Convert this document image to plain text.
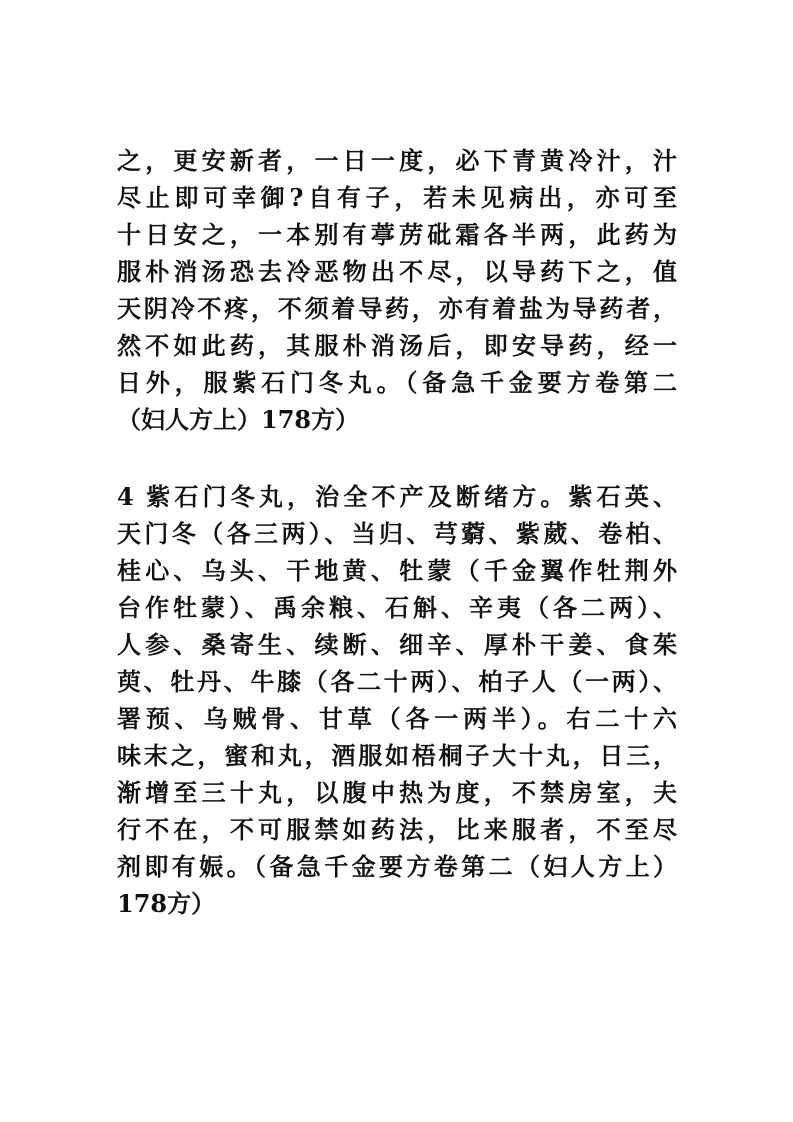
之，更安新者，一日一度，必下青黄冷汁，汁
尽止即可幸御?自有子，若未见病出，亦可至
十日安之，一本别有葶苈砒霜各半两，此药为
服朴消汤恐去冷恶物出不尽，以导药下之，值
天阴冷不疼，不须着导药，亦有着盐为导药者，
然不如此药，其服朴消汤后，即安导药，经一
日外，服紫石门冬丸。（备急千金要方卷第二
（妇人方上）178方）
4 紫石门冬丸，治全不产及断绪方。紫石英、
天门冬（各三两）、当归、芎藭、紫葳、卷柏、
桂心、乌头、干地黄、牡蒙（千金翼作牡荆外
台作牡蒙）、禹余粮、石斛、辛夷（各二两）、
人参、桑寄生、续断、细辛、厚朴干姜、食茱
萸、牡丹、牛膝（各二十两）、柏子人（一两）、
署预、乌贼骨、甘草（各一两半）。右二十六
味末之，蜜和丸，酒服如梧桐子大十丸，日三，
渐增至三十丸，以腹中热为度，不禁房室，夫
行不在，不可服禁如药法，比来服者，不至尽
剂即有娠。（备急千金要方卷第二（妇人方上）
178方）
